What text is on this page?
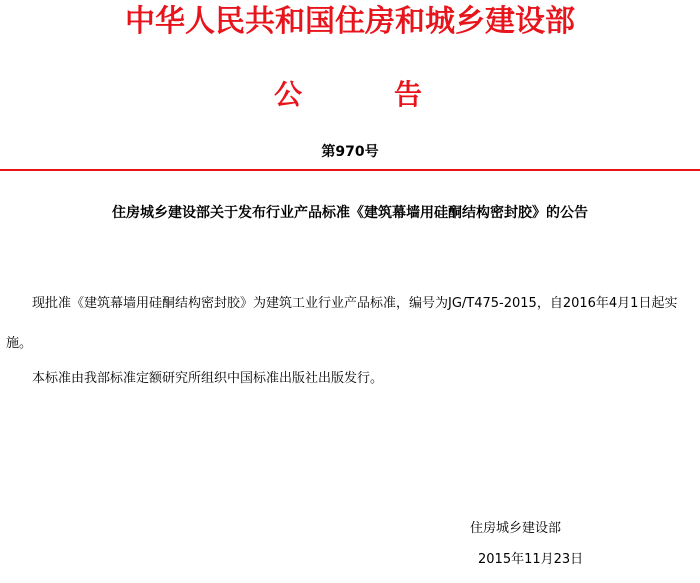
中华人民共和国住房和城乡建设部
公	告
第970号
住房城乡建设部关于发布行业产品标准《建筑幕墙用硅酮结构密封胶》的公告
现批准《建筑幕墙用硅酮结构密封胶》为建筑工业行业产品标准，编号为JG/T475-2015，自2016年4月1日起实施。
本标准由我部标准定额研究所组织中国标准出版社出版发行。
住房城乡建设部
2015年11月23日
